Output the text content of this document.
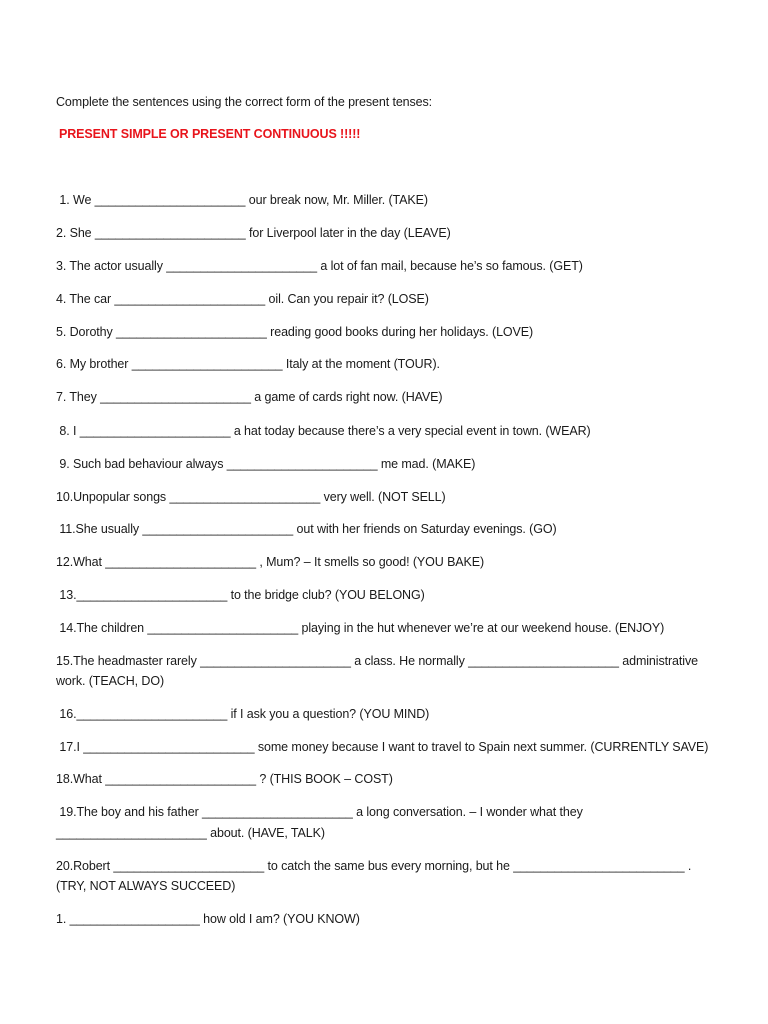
Complete the sentences using the correct form of the present tenses:
PRESENT SIMPLE OR PRESENT CONTINUOUS !!!!!
1. We ______________________ our break now, Mr. Miller. (TAKE)
2. She ______________________ for Liverpool later in the day (LEAVE)
3. The actor usually ______________________ a lot of fan mail, because he’s so famous. (GET)
4. The car ______________________ oil. Can you repair it? (LOSE)
5. Dorothy ______________________ reading good books during her holidays. (LOVE)
6. My brother ______________________ Italy at the moment (TOUR).
7. They ______________________ a game of cards right now. (HAVE)
8. I ______________________ a hat today because there’s a very special event in town. (WEAR)
9. Such bad behaviour always ______________________ me mad. (MAKE)
10.Unpopular songs ______________________ very well. (NOT SELL)
11.She usually ______________________ out with her friends on Saturday evenings. (GO)
12.What ______________________ , Mum? – It smells so good! (YOU BAKE)
13.______________________ to the bridge club? (YOU BELONG)
14.The children ______________________ playing in the hut whenever we’re at our weekend house. (ENJOY)
15.The headmaster rarely ______________________ a class. He normally ______________________ administrative
work. (TEACH, DO)
16.______________________ if I ask you a question? (YOU MIND)
17.I _________________________ some money because I want to travel to Spain next summer. (CURRENTLY SAVE)
18.What ______________________ ? (THIS BOOK – COST)
19.The boy and his father ______________________ a long conversation. – I wonder what they
______________________ about. (HAVE, TALK)
20.Robert ______________________ to catch the same bus every morning, but he _________________________ .
(TRY, NOT ALWAYS SUCCEED)
1. ___________________ how old I am? (YOU KNOW)
